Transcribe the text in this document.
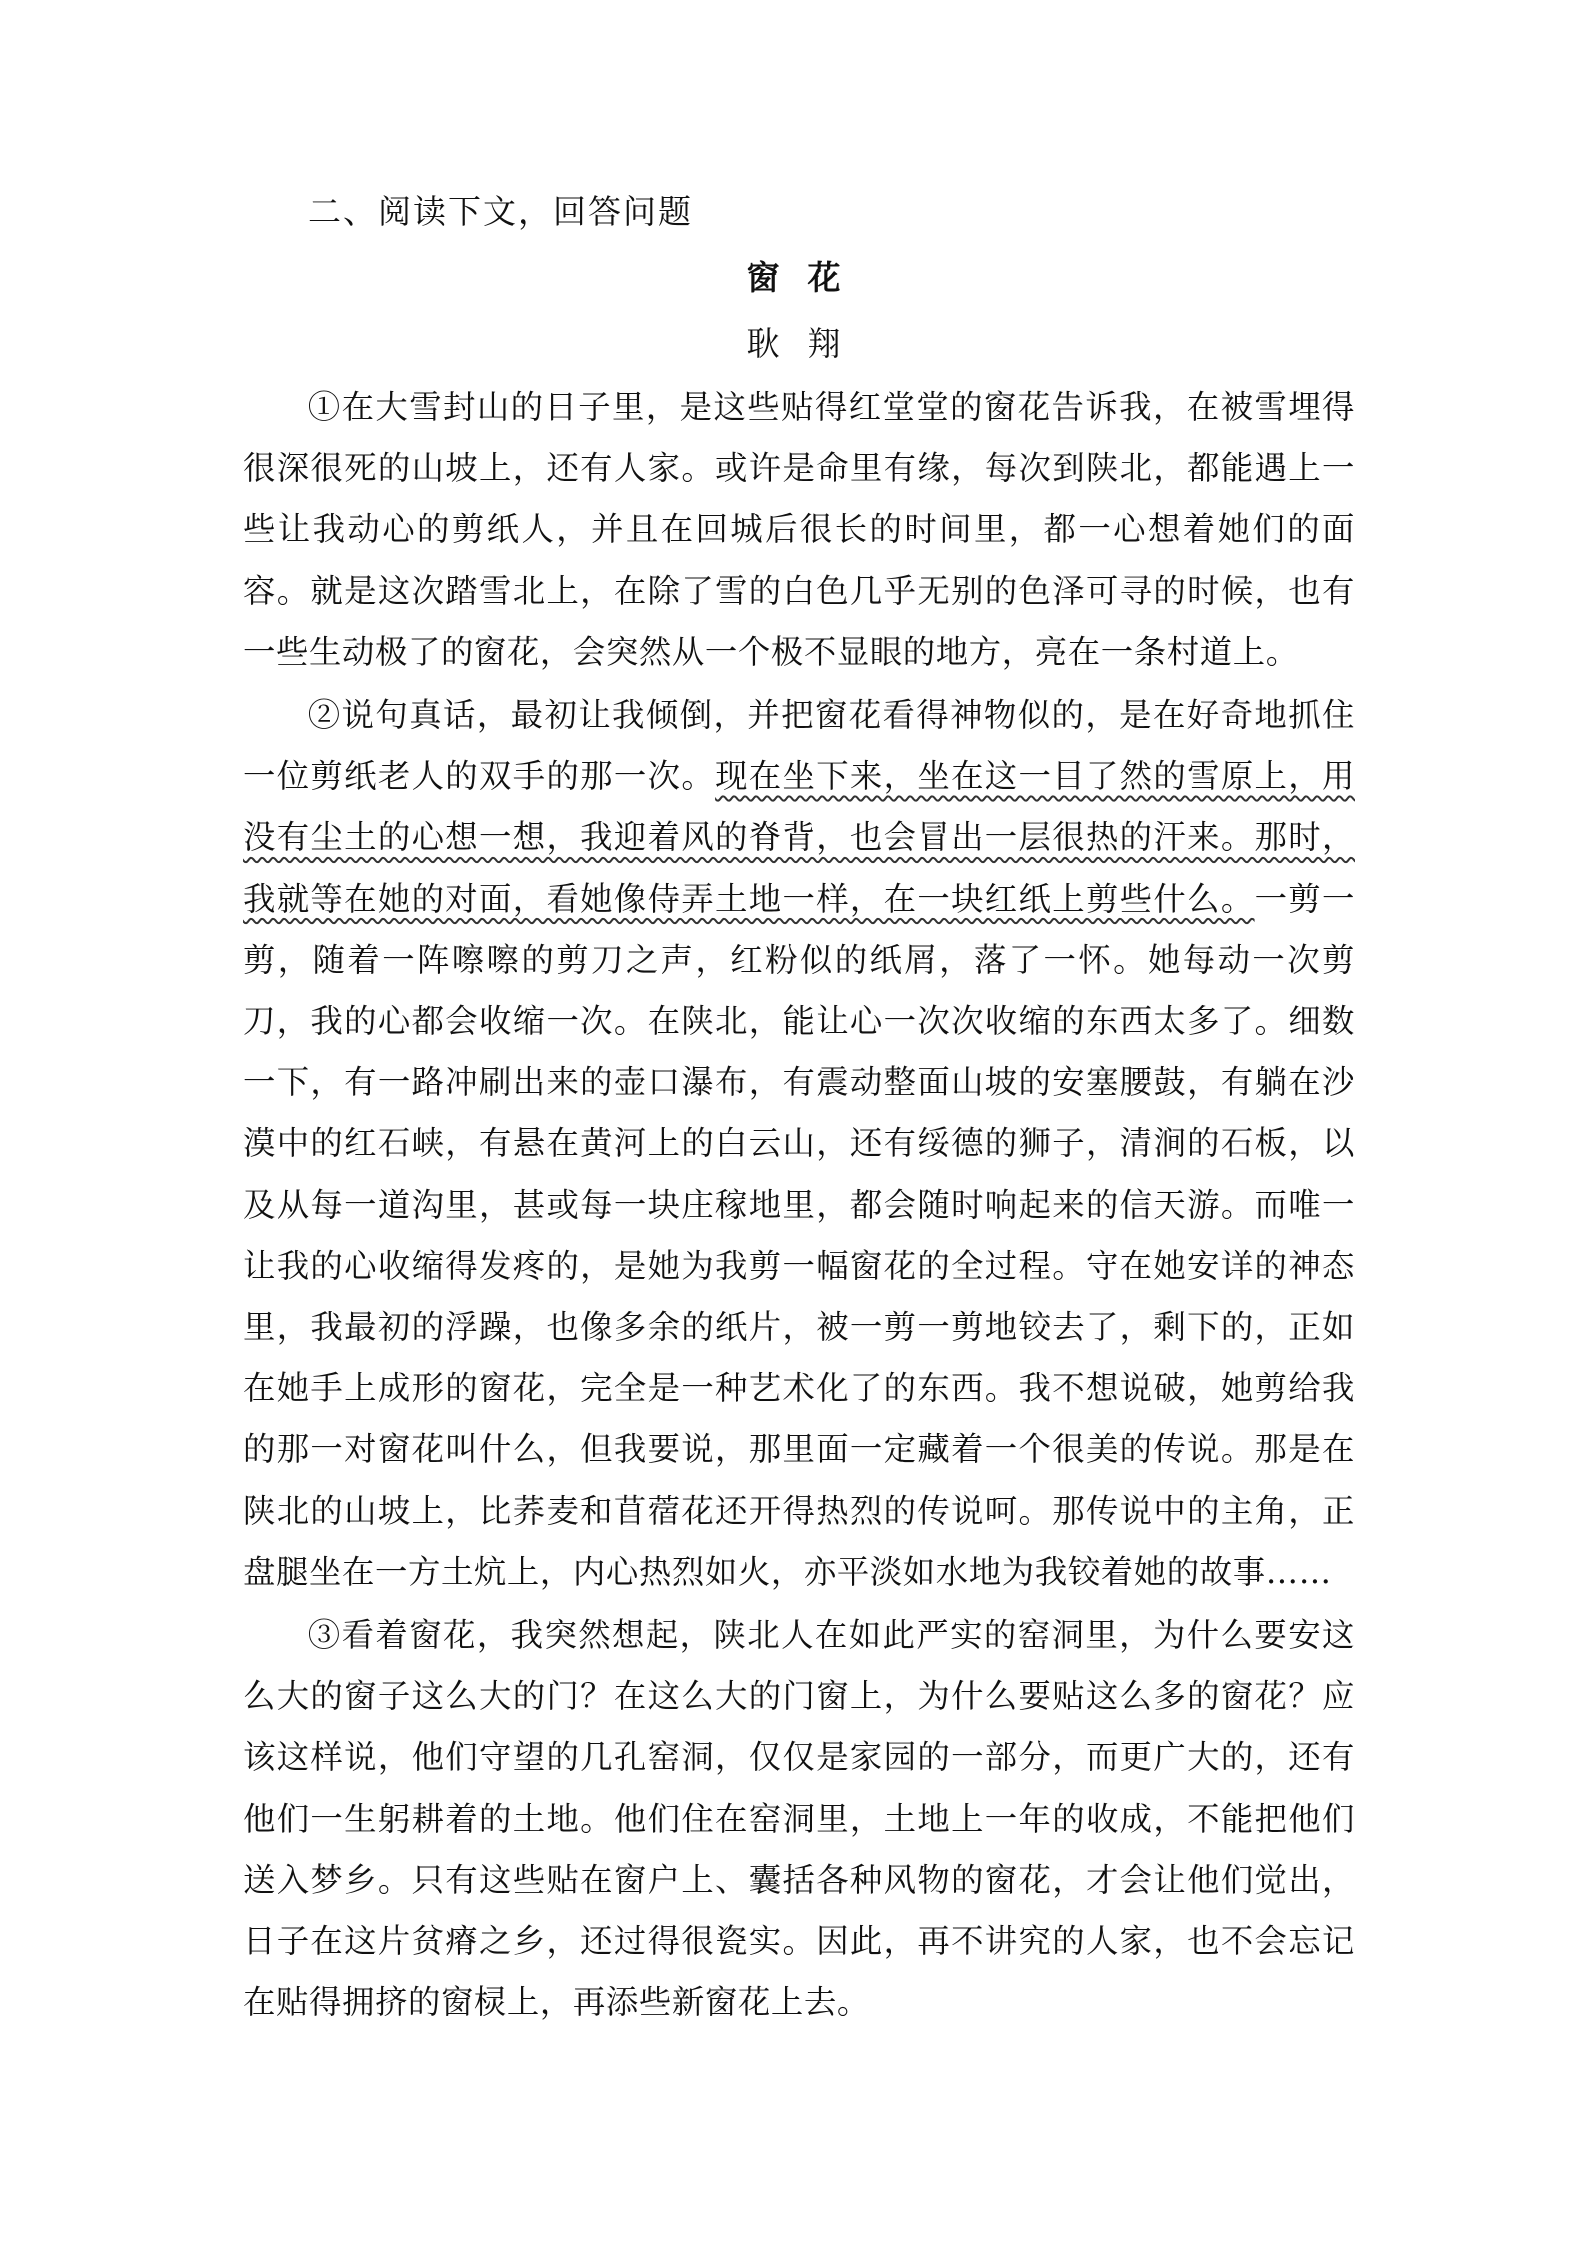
二、阅读下文，回答问题
窗花
耿翔

①在大雪封山的日子里，是这些贴得红堂堂的窗花告诉我，在被雪埋得很深很死的山坡上，还有人家。或许是命里有缘，每次到陕北，都能遇上一些让我动心的剪纸人，并且在回城后很长的时间里，都一心想着她们的面容。就是这次踏雪北上，在除了雪的白色几乎无别的色泽可寻的时候，也有一些生动极了的窗花，会突然从一个极不显眼的地方，亮在一条村道上。

②说句真话，最初让我倾倒，并把窗花看得神物似的，是在好奇地抓住一位剪纸老人的双手的那一次。现在坐下来，坐在这一目了然的雪原上，用没有尘土的心想一想，我迎着风的脊背，也会冒出一层很热的汗来。那时，我就等在她的对面，看她像侍弄土地一样，在一块红纸上剪些什么。一剪一剪，随着一阵嚓嚓的剪刀之声，红粉似的纸屑，落了一怀。她每动一次剪刀，我的心都会收缩一次。在陕北，能让心一次次收缩的东西太多了。细数一下，有一路冲刷出来的壶口瀑布，有震动整面山坡的安塞腰鼓，有躺在沙漠中的红石峡，有悬在黄河上的白云山，还有绥德的狮子，清涧的石板，以及从每一道沟里，甚或每一块庄稼地里，都会随时响起来的信天游。而唯一让我的心收缩得发疼的，是她为我剪一幅窗花的全过程。守在她安详的神态里，我最初的浮躁，也像多余的纸片，被一剪一剪地铰去了，剩下的，正如在她手上成形的窗花，完全是一种艺术化了的东西。我不想说破，她剪给我的那一对窗花叫什么，但我要说，那里面一定藏着一个很美的传说。那是在陕北的山坡上，比荞麦和苜蓿花还开得热烈的传说呵。那传说中的主角，正盘腿坐在一方土炕上，内心热烈如火，亦平淡如水地为我铰着她的故事……

③看着窗花，我突然想起，陕北人在如此严实的窑洞里，为什么要安这么大的窗子这么大的门？在这么大的门窗上，为什么要贴这么多的窗花？应该这样说，他们守望的几孔窑洞，仅仅是家园的一部分，而更广大的，还有他们一生躬耕着的土地。他们住在窑洞里，土地上一年的收成，不能把他们送入梦乡。只有这些贴在窗户上、囊括各种风物的窗花，才会让他们觉出，日子在这片贫瘠之乡，还过得很瓷实。因此，再不讲究的人家，也不会忘记在贴得拥挤的窗棂上，再添些新窗花上去。
